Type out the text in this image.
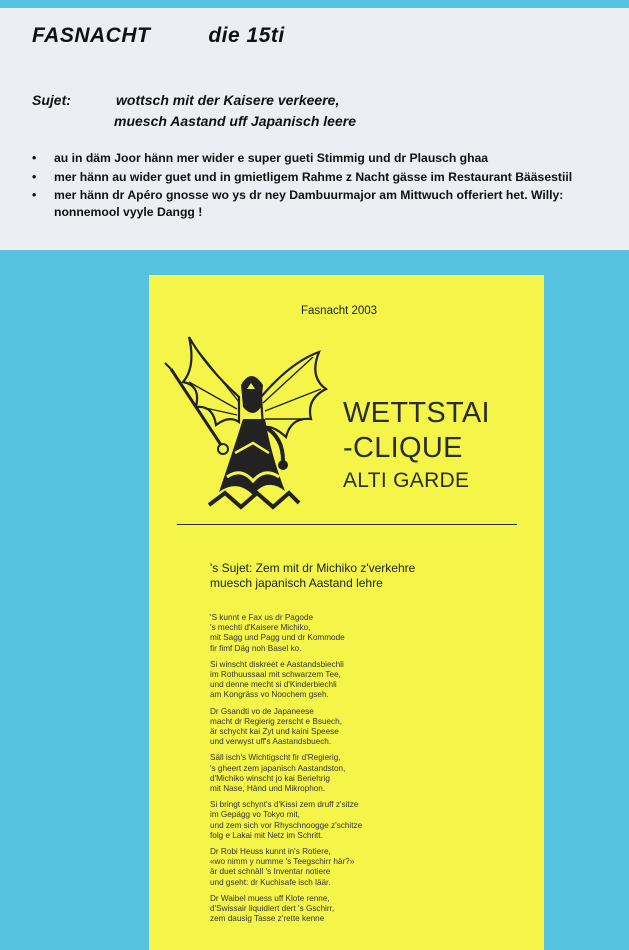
FASNACHT	die 15ti
Sujet:	wottsch mit der Kaisere verkeere,
muesch Aastand uff Japanisch leere
• au in däm Joor hänn mer wider e super gueti Stimmig und dr Plausch ghaa
• mer hänn au wider guet und in gmietligem Rahme z Nacht gässe im Restaurant Bääsestiil
• mer hänn dr Apéro gnosse wo ys dr ney Dambuurmajor am Mittwuch offeriert het. Willy: nonnemool vyyle Dangg !
Fasnacht 2003
WETTSTAI
-CLIQUE
ALTI GARDE
's Sujet: Zem mit dr Michiko z'verkehre
muesch japanisch Aastand lehre
'S kunnt e Fax us dr Pagode
's mechti d'Kaisere Michiko,
mit Sagg und Pagg und dr Kommode
fir fimf Däg noh Basel ko.
Si winscht diskreet e Aastandsbiechli
im Rothuussaal mit schwarzem Tee,
und denne mecht si d'Kinderbiechli
am Kongräss vo Noochem gseh.
Dr Gsandti vo de Japaneese
macht dr Regierig zerscht e Bsuech,
är schycht kai Zyt und kaini Speese
und verwyst uff's Aastandsbuech.
Säll isch's Wichtigscht fir d'Regierig,
's gheert zem japanisch Aastandston,
d'Michiko winscht jo kai Beriehrig
mit Nase, Händ und Mikrophon.
Si bringt schynt's d'Kissi zem druff z'sitze
im Gepägg vo Tokyo mit,
und zem sich vor Rhyschnoogge z'schitze
folg e Lakai mit Netz im Schritt.
Dr Robi Heuss kunnt in's Rotiere,
«wo nimm y numme 's Teegschirr här?»
är duet schnäll 's Inventar notiere
und gseht: dr Kuchisafe isch läär.
Dr Waibel muess uff Klote renne,
d'Swissair liquidiert dert 's Gschirr,
zem dausig Tasse z'rette kenne
